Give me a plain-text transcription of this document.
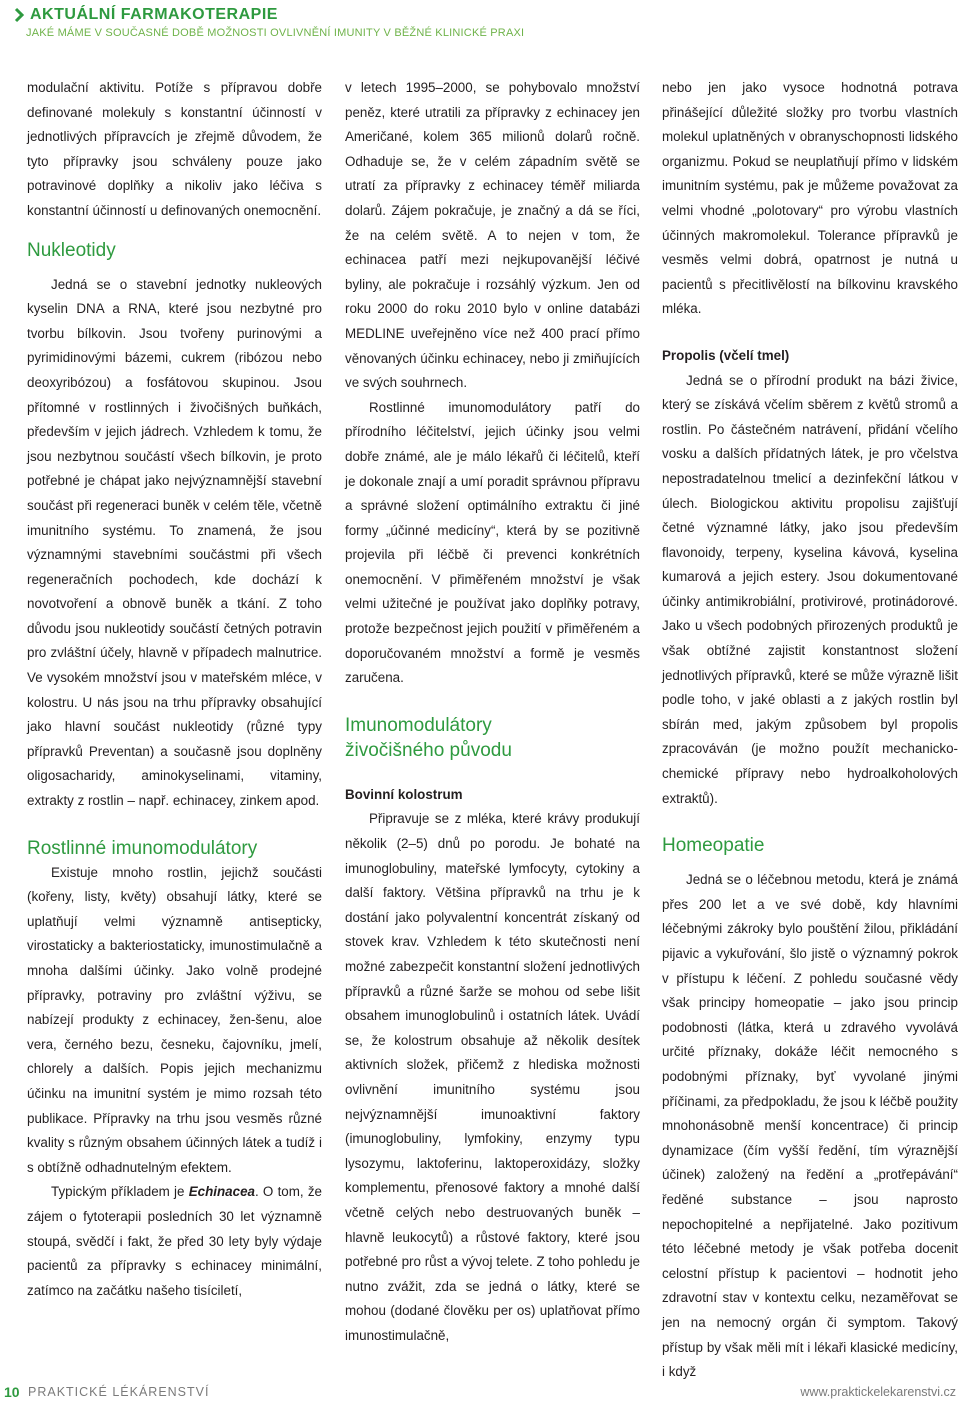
AKTUÁLNÍ FARMAKOTERAPIE
JAKÉ MÁME V SOUČASNÉ DOBĚ MOŽNOSTI OVLIVNĚNÍ IMUNITY V BĚŽNÉ KLINICKÉ PRAXI

modulační aktivitu. Potíže s přípravou dobře definované molekuly s konstantní účinností v jednotlivých přípravcích je zřejmě důvodem, že tyto přípravky jsou schváleny pouze jako potravinové doplňky a nikoliv jako léčiva s konstantní účinností u definovaných onemocnění.

Nukleotidy

Jedná se o stavební jednotky nukleových kyselin DNA a RNA, které jsou nezbytné pro tvorbu bílkovin. Jsou tvořeny purinovými a pyrimidinovými bázemi, cukrem (ribózou nebo deoxyribózou) a fosfátovou skupinou. Jsou přítomné v rostlinných i živočišných buňkách, především v jejich jádrech. Vzhledem k tomu, že jsou nezbytnou součástí všech bílkovin, je proto potřebné je chápat jako nejvýznamnější stavební součást při regeneraci buněk v celém těle, včetně imunitního systému. To znamená, že jsou významnými stavebními součástmi při všech regeneračních pochodech, kde dochází k novotvoření a obnově buněk a tkání. Z toho důvodu jsou nukleotidy součástí četných potravin pro zvláštní účely, hlavně v případech malnutrice. Ve vysokém množství jsou v mateřském mléce, v kolostru. U nás jsou na trhu přípravky obsahující jako hlavní součást nukleotidy (různé typy přípravků Preventan) a současně jsou doplněny oligosacharidy, aminokyselinami, vitaminy, extrakty z rostlin – např. echinacey, zinkem apod.

Rostlinné imunomodulátory

Existuje mnoho rostlin, jejichž součásti (kořeny, listy, květy) obsahují látky, které se uplatňují velmi významně antisepticky, virostaticky a bakteriostaticky, imunostimulačně a mnoha dalšími účinky. Jako volně prodejné přípravky, potraviny pro zvláštní výživu, se nabízejí produkty z echinacey, žen-šenu, aloe vera, černého bezu, česneku, čajovníku, jmelí, chlorely a dalších. Popis jejich mechanizmu účinku na imunitní systém je mimo rozsah této publikace. Přípravky na trhu jsou vesměs různé kvality s různým obsahem účinných látek a tudíž i s obtížně odhadnutelným efektem.

Typickým příkladem je Echinacea. O tom, že zájem o fytoterapii posledních 30 let významně stoupá, svědčí i fakt, že před 30 lety byly výdaje pacientů za přípravky s echinacey minimální, zatímco na začátku našeho tisíciletí,

v letech 1995–2000, se pohybovalo množství peněz, které utratili za přípravky z echinacey jen Američané, kolem 365 milionů dolarů ročně. Odhaduje se, že v celém západním světě se utratí za přípravky z echinacey téměř miliarda dolarů. Zájem pokračuje, je značný a dá se říci, že na celém světě. A to nejen v tom, že echinacea patří mezi nejkupovanější léčivé byliny, ale pokračuje i rozsáhlý výzkum. Jen od roku 2000 do roku 2010 bylo v online databázi MEDLINE uveřejněno více než 400 prací přímo věnovaných účinku echinacey, nebo ji zmiňujících ve svých souhrnech.

Rostlinné imunomodulátory patří do přírodního léčitelství, jejich účinky jsou velmi dobře známé, ale je málo lékařů či léčitelů, kteří je dokonale znají a umí poradit správnou přípravu a správné složení optimálního extraktu či jiné formy „účinné medicíny“, která by se pozitivně projevila při léčbě či prevenci konkrétních onemocnění. V přiměřeném množství je však velmi užitečné je používat jako doplňky potravy, protože bezpečnost jejich použití v přiměřeném a doporučovaném množství a formě je vesměs zaručena.

Imunomodulátory
živočišného původu
Bovinní kolostrum

Připravuje se z mléka, které krávy produkují několik (2–5) dnů po porodu. Je bohaté na imunoglobuliny, mateřské lymfocyty, cytokiny a další faktory. Většina přípravků na trhu je k dostání jako polyvalentní koncentrát získaný od stovek krav. Vzhledem k této skutečnosti není možné zabezpečit konstantní složení jednotlivých přípravků a různé šarže se mohou od sebe lišit obsahem imunoglobulinů i ostatních látek. Uvádí se, že kolostrum obsahuje až několik desítek aktivních složek, přičemž z hlediska možnosti ovlivnění imunitního systému jsou nejvýznamnější imunoaktivní faktory (imunoglobuliny, lymfokiny, enzymy typu lysozymu, laktoferinu, laktoperoxidázy, složky komplementu, přenosové faktory a mnohé další včetně celých nebo destruovaných buněk – hlavně leukocytů) a růstové faktory, které jsou potřebné pro růst a vývoj telete. Z toho pohledu je nutno zvážit, zda se jedná o látky, které se mohou (dodané člověku per os) uplatňovat přímo imunostimulačně,

nebo jen jako vysoce hodnotná potrava přinášející důležité složky pro tvorbu vlastních molekul uplatněných v obranyschopnosti lidského organizmu. Pokud se neuplatňují přímo v lidském imunitním systému, pak je můžeme považovat za velmi vhodné „polotovary“ pro výrobu vlastních účinných makromolekul. Tolerance přípravků je vesměs velmi dobrá, opatrnost je nutná u pacientů s přecitlivělostí na bílkovinu kravského mléka.

Propolis (včelí tmel)

Jedná se o přírodní produkt na bázi živice, který se získává včelím sběrem z květů stromů a rostlin. Po částečném natrávení, přidání včelího vosku a dalších přídatných látek, je pro včelstva nepostradatelnou tmelicí a dezinfekční látkou v úlech. Biologickou aktivitu propolisu zajišťují četné významné látky, jako jsou především flavonoidy, terpeny, kyselina kávová, kyselina kumarová a jejich estery. Jsou dokumentované účinky antimikrobiální, protivirové, protinádorové. Jako u všech podobných přirozených produktů je však obtížné zajistit konstantnost složení jednotlivých přípravků, které se může výrazně lišit podle toho, v jaké oblasti a z jakých rostlin byl sbírán med, jakým způsobem byl propolis zpracováván (je možno použít mechanicko-chemické přípravy nebo hydroalkoholových extraktů).

Homeopatie

Jedná se o léčebnou metodu, která je známá přes 200 let a ve své době, kdy hlavními léčebnými zákroky bylo pouštění žilou, přikládání pijavic a vykuřování, šlo jistě o významný pokrok v přístupu k léčení. Z pohledu současné vědy však principy homeopatie – jako jsou princip podobnosti (látka, která u zdravého vyvolává určité příznaky, dokáže léčit nemocného s podobnými příznaky, byť vyvolané jinými příčinami, za předpokladu, že jsou k léčbě použity mnohonásobně menší koncentrace) či princip dynamizace (čím vyšší ředění, tím výraznější účinek) založený na ředění a „protřepávání“ ředěné substance – jsou naprosto nepochopitelné a nepřijatelné. Jako pozitivum této léčebné metody je však potřeba docenit celostní přístup k pacientovi – hodnotit jeho zdravotní stav v kontextu celku, nezaměřovat se jen na nemocný orgán či symptom. Takový přístup by však měli mít i lékaři klasické medicíny, i když

10 PRAKTICKÉ LÉKÁRENSTVÍ	www.praktickelekarenstvi.cz
